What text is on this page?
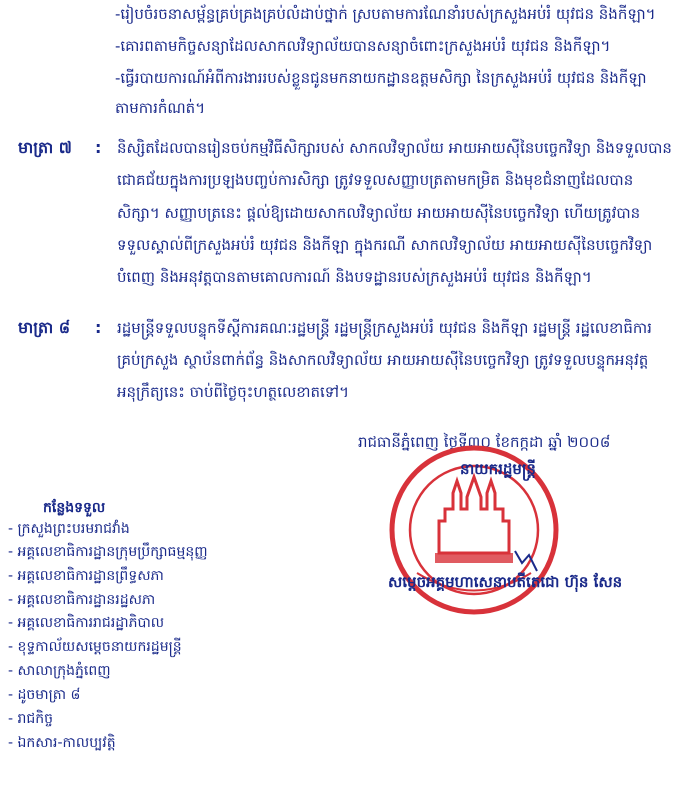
-រៀបចំរចនាសម្ព័ន្ធគ្រប់គ្រងគ្រប់លំដាប់ថ្នាក់ ស្របតាមការណែនាំរបស់ក្រសួងអប់រំ យុវជន និងកីឡា។
-គោរពតាមកិច្ចសន្យាដែលសាកលវិទ្យាល័យបានសន្យាចំពោះក្រសួងអប់រំ យុវជន និងកីឡា។
-ធ្វើរបាយការណ៍អំពីការងាររបស់ខ្លួនជូនមកនាយកដ្ឋានឧត្តមសិក្សា នៃក្រសួងអប់រំ យុវជន និងកីឡា
តាមការកំណត់។
មាត្រា ៧ : និស្សិតដែលបានរៀនចប់កម្មវិធីសិក្សារបស់ សាកលវិទ្យាល័យ អាយអាយស៊ីនៃបច្ចេកវិទ្យា និងទទួលបាន
ជោគជ័យក្នុងការប្រឡងបញ្ចប់ការសិក្សា ត្រូវទទួលសញ្ញាបត្រតាមកម្រិត និងមុខជំនាញដែលបាន
សិក្សា។ សញ្ញាបត្រនេះ ផ្តល់ឱ្យដោយសាកលវិទ្យាល័យ អាយអាយស៊ីនៃបច្ចេកវិទ្យា ហើយត្រូវបាន
ទទួលស្គាល់ពីក្រសួងអប់រំ យុវជន និងកីឡា ក្នុងករណី សាកលវិទ្យាល័យ អាយអាយស៊ីនៃបច្ចេកវិទ្យា
បំពេញ និងអនុវត្តបានតាមគោលការណ៍ និងបទដ្ឋានរបស់ក្រសួងអប់រំ យុវជន និងកីឡា។
មាត្រា ៨ : រដ្ឋមន្ត្រីទទួលបន្ទុកទីស្តីការគណៈរដ្ឋមន្ត្រី រដ្ឋមន្ត្រីក្រសួងអប់រំ យុវជន និងកីឡា រដ្ឋមន្ត្រី រដ្ឋលេខាធិការ
គ្រប់ក្រសួង ស្ថាប័នពាក់ព័ន្ធ និងសាកលវិទ្យាល័យ អាយអាយស៊ីនៃបច្ចេកវិទ្យា ត្រូវទទួលបន្ទុកអនុវត្ត
អនុក្រឹត្យនេះ ចាប់ពីថ្ងៃចុះហត្ថលេខាតទៅ។
រាជធានីភ្នំពេញ ថ្ងៃទី៣០ ខែកក្កដា ឆ្នាំ ២០០៨
នាយករដ្ឋមន្ត្រី
សម្តេចអគ្គមហាសេនាបតីតេជោ ហ៊ុន សែន
កន្លែងទទួល
- ក្រសួងព្រះបរមរាជវាំង
- អគ្គលេខាធិការដ្ឋានក្រុមប្រឹក្សាធម្មនុញ្ញ
- អគ្គលេខាធិការដ្ឋានព្រឹទ្ធសភា
- អគ្គលេខាធិការដ្ឋានរដ្ឋសភា
- អគ្គលេខាធិការរាជរដ្ឋាភិបាល
- ខុទ្ទកាល័យសម្តេចនាយករដ្ឋមន្ត្រី
- សាលាក្រុងភ្នំពេញ
- ដូចមាត្រា ៨
- រាជកិច្ច
- ឯកសារ-កាលប្បវត្តិ
